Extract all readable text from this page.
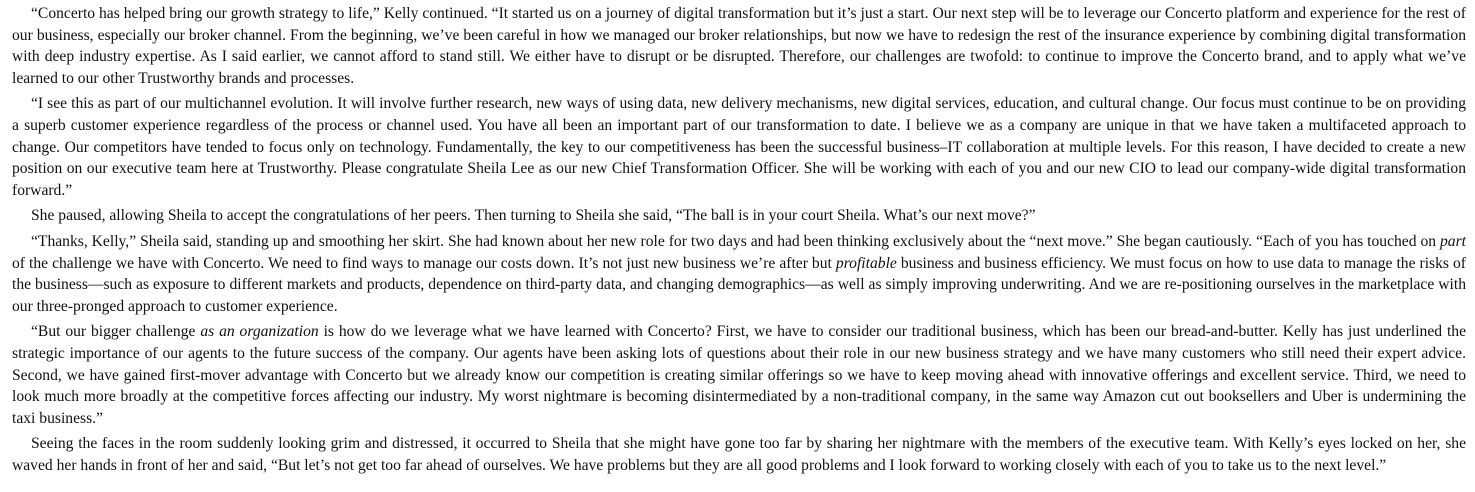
“Concerto has helped bring our growth strategy to life,” Kelly continued. “It started us on a journey of digital transformation but it’s just a start. Our next step will be to leverage our Concerto platform and experience for the rest of our business, especially our broker channel. From the beginning, we’ve been careful in how we managed our broker relationships, but now we have to redesign the rest of the insurance experience by combining digital transformation with deep industry expertise. As I said earlier, we cannot afford to stand still. We either have to disrupt or be disrupted. Therefore, our challenges are twofold: to continue to improve the Concerto brand, and to apply what we’ve learned to our other Trustworthy brands and processes.

“I see this as part of our multichannel evolution. It will involve further research, new ways of using data, new delivery mechanisms, new digital services, education, and cultural change. Our focus must continue to be on providing a superb customer experience regardless of the process or channel used. You have all been an important part of our transformation to date. I believe we as a company are unique in that we have taken a multifaceted approach to change. Our competitors have tended to focus only on technology. Fundamentally, the key to our competitiveness has been the successful business–IT collaboration at multiple levels. For this reason, I have decided to create a new position on our executive team here at Trustworthy. Please congratulate Sheila Lee as our new Chief Transformation Officer. She will be working with each of you and our new CIO to lead our company-wide digital transformation forward.”

She paused, allowing Sheila to accept the congratulations of her peers. Then turning to Sheila she said, “The ball is in your court Sheila. What’s our next move?”

“Thanks, Kelly,” Sheila said, standing up and smoothing her skirt. She had known about her new role for two days and had been thinking exclusively about the “next move.” She began cautiously. “Each of you has touched on part of the challenge we have with Concerto. We need to find ways to manage our costs down. It’s not just new business we’re after but profitable business and business efficiency. We must focus on how to use data to manage the risks of the business—such as exposure to different markets and products, dependence on third-party data, and changing demographics—as well as simply improving underwriting. And we are re-positioning ourselves in the marketplace with our three-pronged approach to customer experience.

“But our bigger challenge as an organization is how do we leverage what we have learned with Concerto? First, we have to consider our traditional business, which has been our bread-and-butter. Kelly has just underlined the strategic importance of our agents to the future success of the company. Our agents have been asking lots of questions about their role in our new business strategy and we have many customers who still need their expert advice. Second, we have gained first-mover advantage with Concerto but we already know our competition is creating similar offerings so we have to keep moving ahead with innovative offerings and excellent service. Third, we need to look much more broadly at the competitive forces affecting our industry. My worst nightmare is becoming disintermediated by a non-traditional company, in the same way Amazon cut out booksellers and Uber is undermining the taxi business.”

Seeing the faces in the room suddenly looking grim and distressed, it occurred to Sheila that she might have gone too far by sharing her nightmare with the members of the executive team. With Kelly’s eyes locked on her, she waved her hands in front of her and said, “But let’s not get too far ahead of ourselves. We have problems but they are all good problems and I look forward to working closely with each of you to take us to the next level.”
